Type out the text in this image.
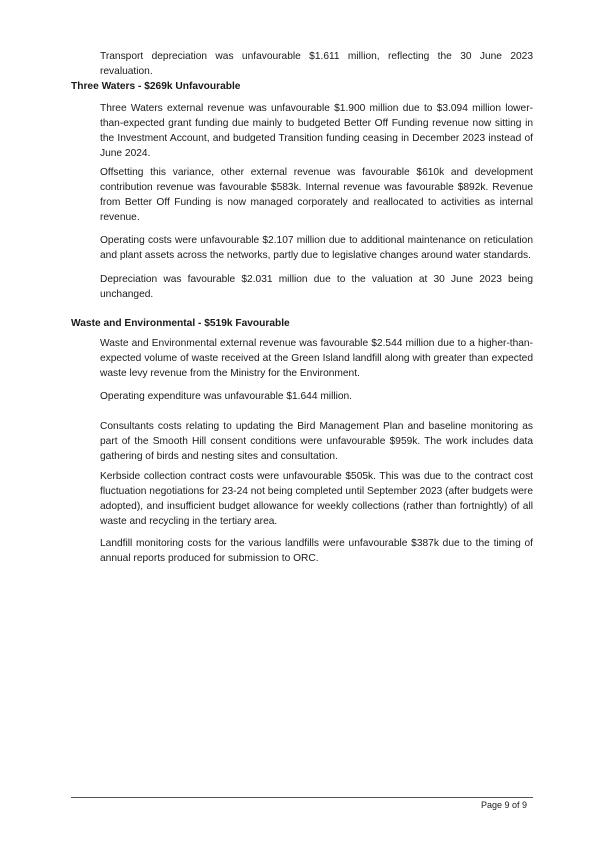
Transport depreciation was unfavourable $1.611 million, reflecting the 30 June 2023 revaluation.

Three Waters - $269k Unfavourable

Three Waters external revenue was unfavourable $1.900 million due to $3.094 million lower-than-expected grant funding due mainly to budgeted Better Off Funding revenue now sitting in the Investment Account, and budgeted Transition funding ceasing in December 2023 instead of June 2024.

Offsetting this variance, other external revenue was favourable $610k and development contribution revenue was favourable $583k. Internal revenue was favourable $892k. Revenue from Better Off Funding is now managed corporately and reallocated to activities as internal revenue.

Operating costs were unfavourable $2.107 million due to additional maintenance on reticulation and plant assets across the networks, partly due to legislative changes around water standards.

Depreciation was favourable $2.031 million due to the valuation at 30 June 2023 being unchanged.

Waste and Environmental - $519k Favourable

Waste and Environmental external revenue was favourable $2.544 million due to a higher-than-expected volume of waste received at the Green Island landfill along with greater than expected waste levy revenue from the Ministry for the Environment.

Operating expenditure was unfavourable $1.644 million.

Consultants costs relating to updating the Bird Management Plan and baseline monitoring as part of the Smooth Hill consent conditions were unfavourable $959k. The work includes data gathering of birds and nesting sites and consultation.

Kerbside collection contract costs were unfavourable $505k. This was due to the contract cost fluctuation negotiations for 23-24 not being completed until September 2023 (after budgets were adopted), and insufficient budget allowance for weekly collections (rather than fortnightly) of all waste and recycling in the tertiary area.

Landfill monitoring costs for the various landfills were unfavourable $387k due to the timing of annual reports produced for submission to ORC.

Page 9 of 9
